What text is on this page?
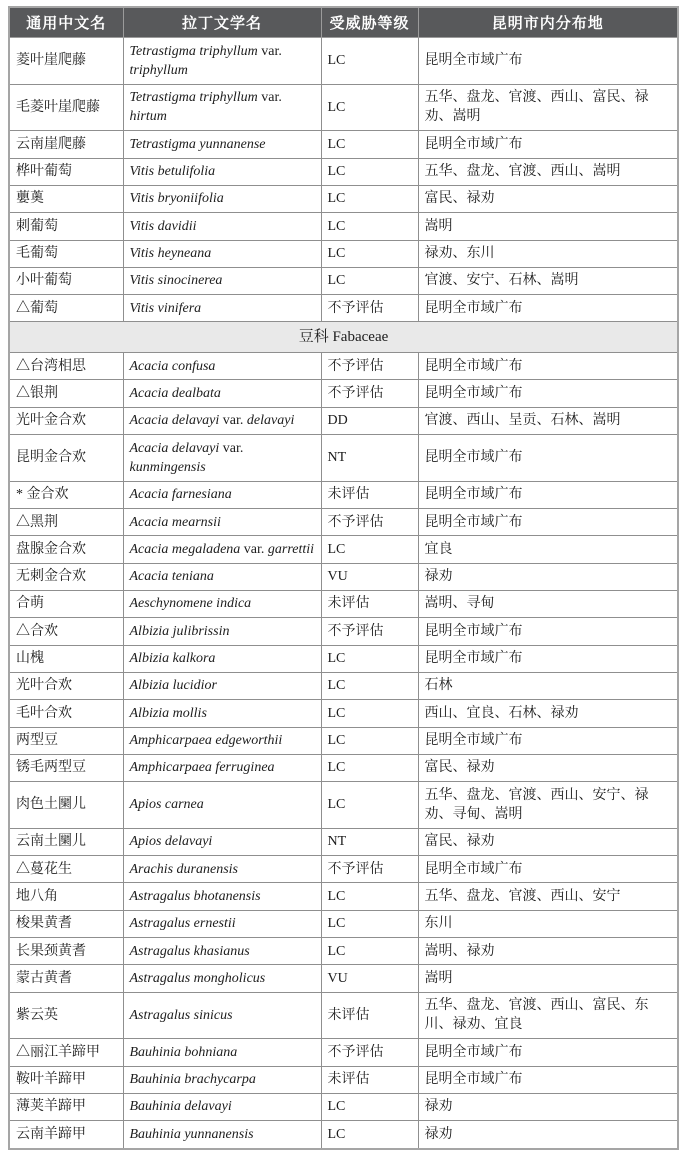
通用中文名	拉丁文学名	受威胁等级	昆明市内分布地
菱叶崖爬藤	Tetrastigma triphyllum var. triphyllum	LC	昆明全市域广布
毛菱叶崖爬藤	Tetrastigma triphyllum var. hirtum	LC	五华、盘龙、官渡、西山、富民、禄劝、嵩明
云南崖爬藤	Tetrastigma yunnanense	LC	昆明全市域广布
桦叶葡萄	Vitis betulifolia	LC	五华、盘龙、官渡、西山、嵩明
蘡薁	Vitis bryoniifolia	LC	富民、禄劝
刺葡萄	Vitis davidii	LC	嵩明
毛葡萄	Vitis heyneana	LC	禄劝、东川
小叶葡萄	Vitis sinocinerea	LC	官渡、安宁、石林、嵩明
△葡萄	Vitis vinifera	不予评估	昆明全市域广布
豆科 Fabaceae			
△台湾相思	Acacia confusa	不予评估	昆明全市域广布
△银荆	Acacia dealbata	不予评估	昆明全市域广布
光叶金合欢	Acacia delavayi var. delavayi	DD	官渡、西山、呈贡、石林、嵩明
昆明金合欢	Acacia delavayi var. kunmingensis	NT	昆明全市域广布
* 金合欢	Acacia farnesiana	未评估	昆明全市域广布
△黑荆	Acacia mearnsii	不予评估	昆明全市域广布
盘腺金合欢	Acacia megaladena var. garrettii	LC	宜良
无刺金合欢	Acacia teniana	VU	禄劝
合萌	Aeschynomene indica	未评估	嵩明、寻甸
△合欢	Albizia julibrissin	不予评估	昆明全市域广布
山槐	Albizia kalkora	LC	昆明全市域广布
光叶合欢	Albizia lucidior	LC	石林
毛叶合欢	Albizia mollis	LC	西山、宜良、石林、禄劝
两型豆	Amphicarpaea edgeworthii	LC	昆明全市域广布
锈毛两型豆	Amphicarpaea ferruginea	LC	富民、禄劝
肉色土圞儿	Apios carnea	LC	五华、盘龙、官渡、西山、安宁、禄劝、寻甸、嵩明
云南土圞儿	Apios delavayi	NT	富民、禄劝
△蔓花生	Arachis duranensis	不予评估	昆明全市域广布
地八角	Astragalus bhotanensis	LC	五华、盘龙、官渡、西山、安宁
梭果黄耆	Astragalus ernestii	LC	东川
长果颈黄耆	Astragalus khasianus	LC	嵩明、禄劝
蒙古黄耆	Astragalus mongholicus	VU	嵩明
紫云英	Astragalus sinicus	未评估	五华、盘龙、官渡、西山、富民、东川、禄劝、宜良
△丽江羊蹄甲	Bauhinia bohniana	不予评估	昆明全市域广布
鞍叶羊蹄甲	Bauhinia brachycarpa	未评估	昆明全市域广布
薄荚羊蹄甲	Bauhinia delavayi	LC	禄劝
云南羊蹄甲	Bauhinia yunnanensis	LC	禄劝
